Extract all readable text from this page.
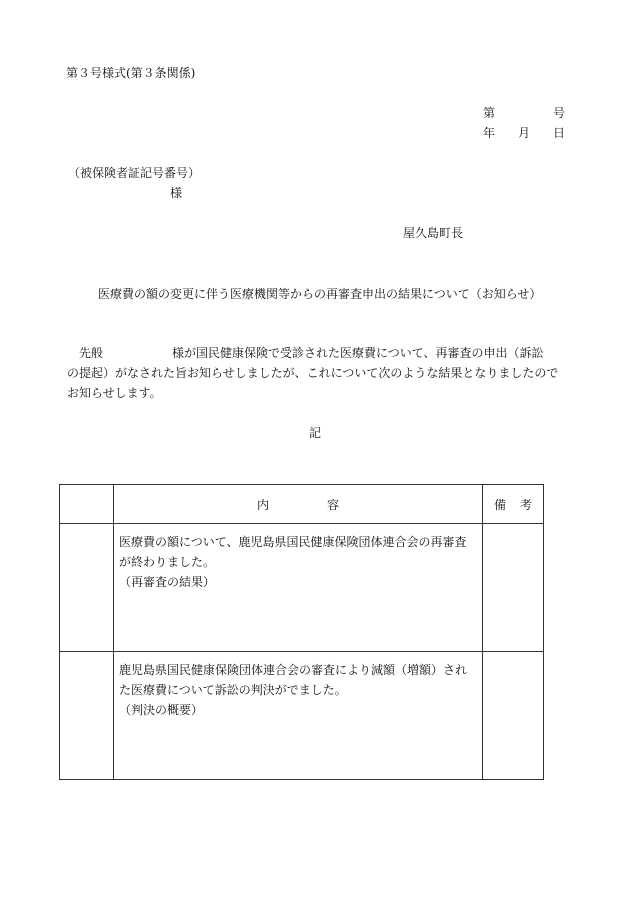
第３号様式(第３条関係)
第	号
年 月 日
（被保険者証記号番号）
様
屋久島町長
医療費の額の変更に伴う医療機関等からの再審査申出の結果について（お知らせ）
先般	様が国民健康保険で受診された医療費について、再審査の申出（訴訟
の提起）がなされた旨お知らせしましたが、これについて次のような結果となりましたので
お知らせします。
記
	内 容	備 考

	医療費の額について、鹿児島県国民健康保険団体連合会の再審査が終わりました。
（再審査の結果）	

	鹿児島県国民健康保険団体連合会の審査により減額（増額）された医療費について訴訟の判決がでました。
（判決の概要）	
